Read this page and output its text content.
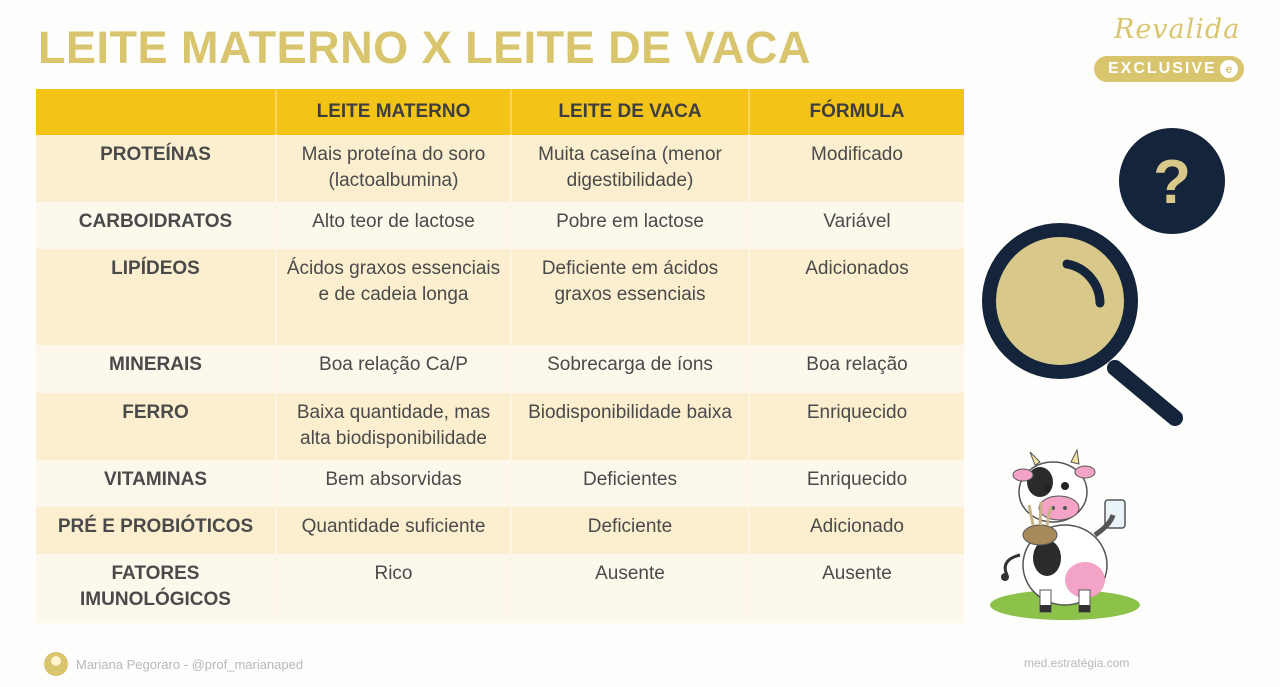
LEITE MATERNO X LEITE DE VACA	Revalida
EXCLUSIVE e
	LEITE MATERNO	LEITE DE VACA	FÓRMULA
PROTEÍNAS	Mais proteína do soro (lactoalbumina)	Muita caseína (menor digestibilidade)	Modificado
CARBOIDRATOS	Alto teor de lactose	Pobre em lactose	Variável
LIPÍDEOS	Ácidos graxos essenciais e de cadeia longa	Deficiente em ácidos graxos essenciais	Adicionados
MINERAIS	Boa relação Ca/P	Sobrecarga de íons	Boa relação
FERRO	Baixa quantidade, mas alta biodisponibilidade	Biodisponibilidade baixa	Enriquecido
VITAMINAS	Bem absorvidas	Deficientes	Enriquecido
PRÉ E PROBIÓTICOS	Quantidade suficiente	Deficiente	Adicionado
FATORES IMUNOLÓGICOS	Rico	Ausente	Ausente
?
Mariana Pegoraro - @prof_marianaped	med.estratégia.com
